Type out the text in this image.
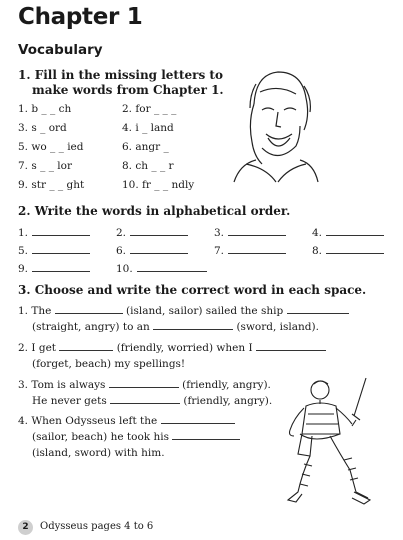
Chapter 1
Vocabulary
1. Fill in the missing letters to
make words from Chapter 1.
1. b _ _ ch	2. for _ _ _
3. s _ ord	4. i _ land
5. wo _ _ ied	6. angr _
7. s _ _ lor	8. ch _ _ r
9. str _ _ ght	10. fr _ _ ndly
2. Write the words in alphabetical order.
1.	2.	3.	4.
5.	6.	7.	8.
9.	10.
3. Choose and write the correct word in each space.
1. The	(island, sailor) sailed the ship
(straight, angry) to an	(sword, island).
2. I get	(friendly, worried) when I
(forget, beach) my spellings!
3. Tom is always	(friendly, angry).
He never gets	(friendly, angry).
4. When Odysseus left the
(sailor, beach) he took his
(island, sword) with him.
2	Odysseus pages 4 to 6
